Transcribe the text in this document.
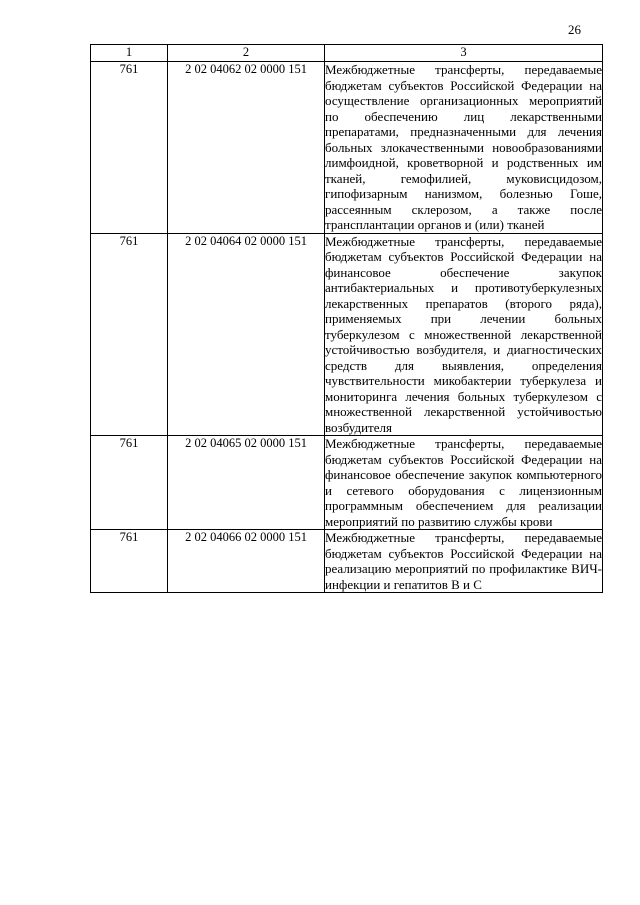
26
1	2	3
761	2 02 04062 02 0000 151	Межбюджетные трансферты, передаваемые бюджетам субъектов Российской Федерации на осуществление организационных мероприятий по обеспечению лиц лекарственными препаратами, предназначенными для лечения больных злокачественными новообразованиями лимфоидной, кроветворной и родственных им тканей, гемофилией, муковисцидозом, гипофизарным нанизмом, болезнью Гоше, рассеянным склерозом, а также после трансплантации органов и (или) тканей
761	2 02 04064 02 0000 151	Межбюджетные трансферты, передаваемые бюджетам субъектов Российской Федерации на финансовое обеспечение закупок антибактериальных и противотуберкулезных лекарственных препаратов (второго ряда), применяемых при лечении больных туберкулезом с множественной лекарственной устойчивостью возбудителя, и диагностических средств для выявления, определения чувствительности микобактерии туберкулеза и мониторинга лечения больных туберкулезом с множественной лекарственной устойчивостью возбудителя
761	2 02 04065 02 0000 151	Межбюджетные трансферты, передаваемые бюджетам субъектов Российской Федерации на финансовое обеспечение закупок компьютерного и сетевого оборудования с лицензионным программным обеспечением для реализации мероприятий по развитию службы крови
761	2 02 04066 02 0000 151	Межбюджетные трансферты, передаваемые бюджетам субъектов Российской Федерации на реализацию мероприятий по профилактике ВИЧ-инфекции и гепатитов В и С
